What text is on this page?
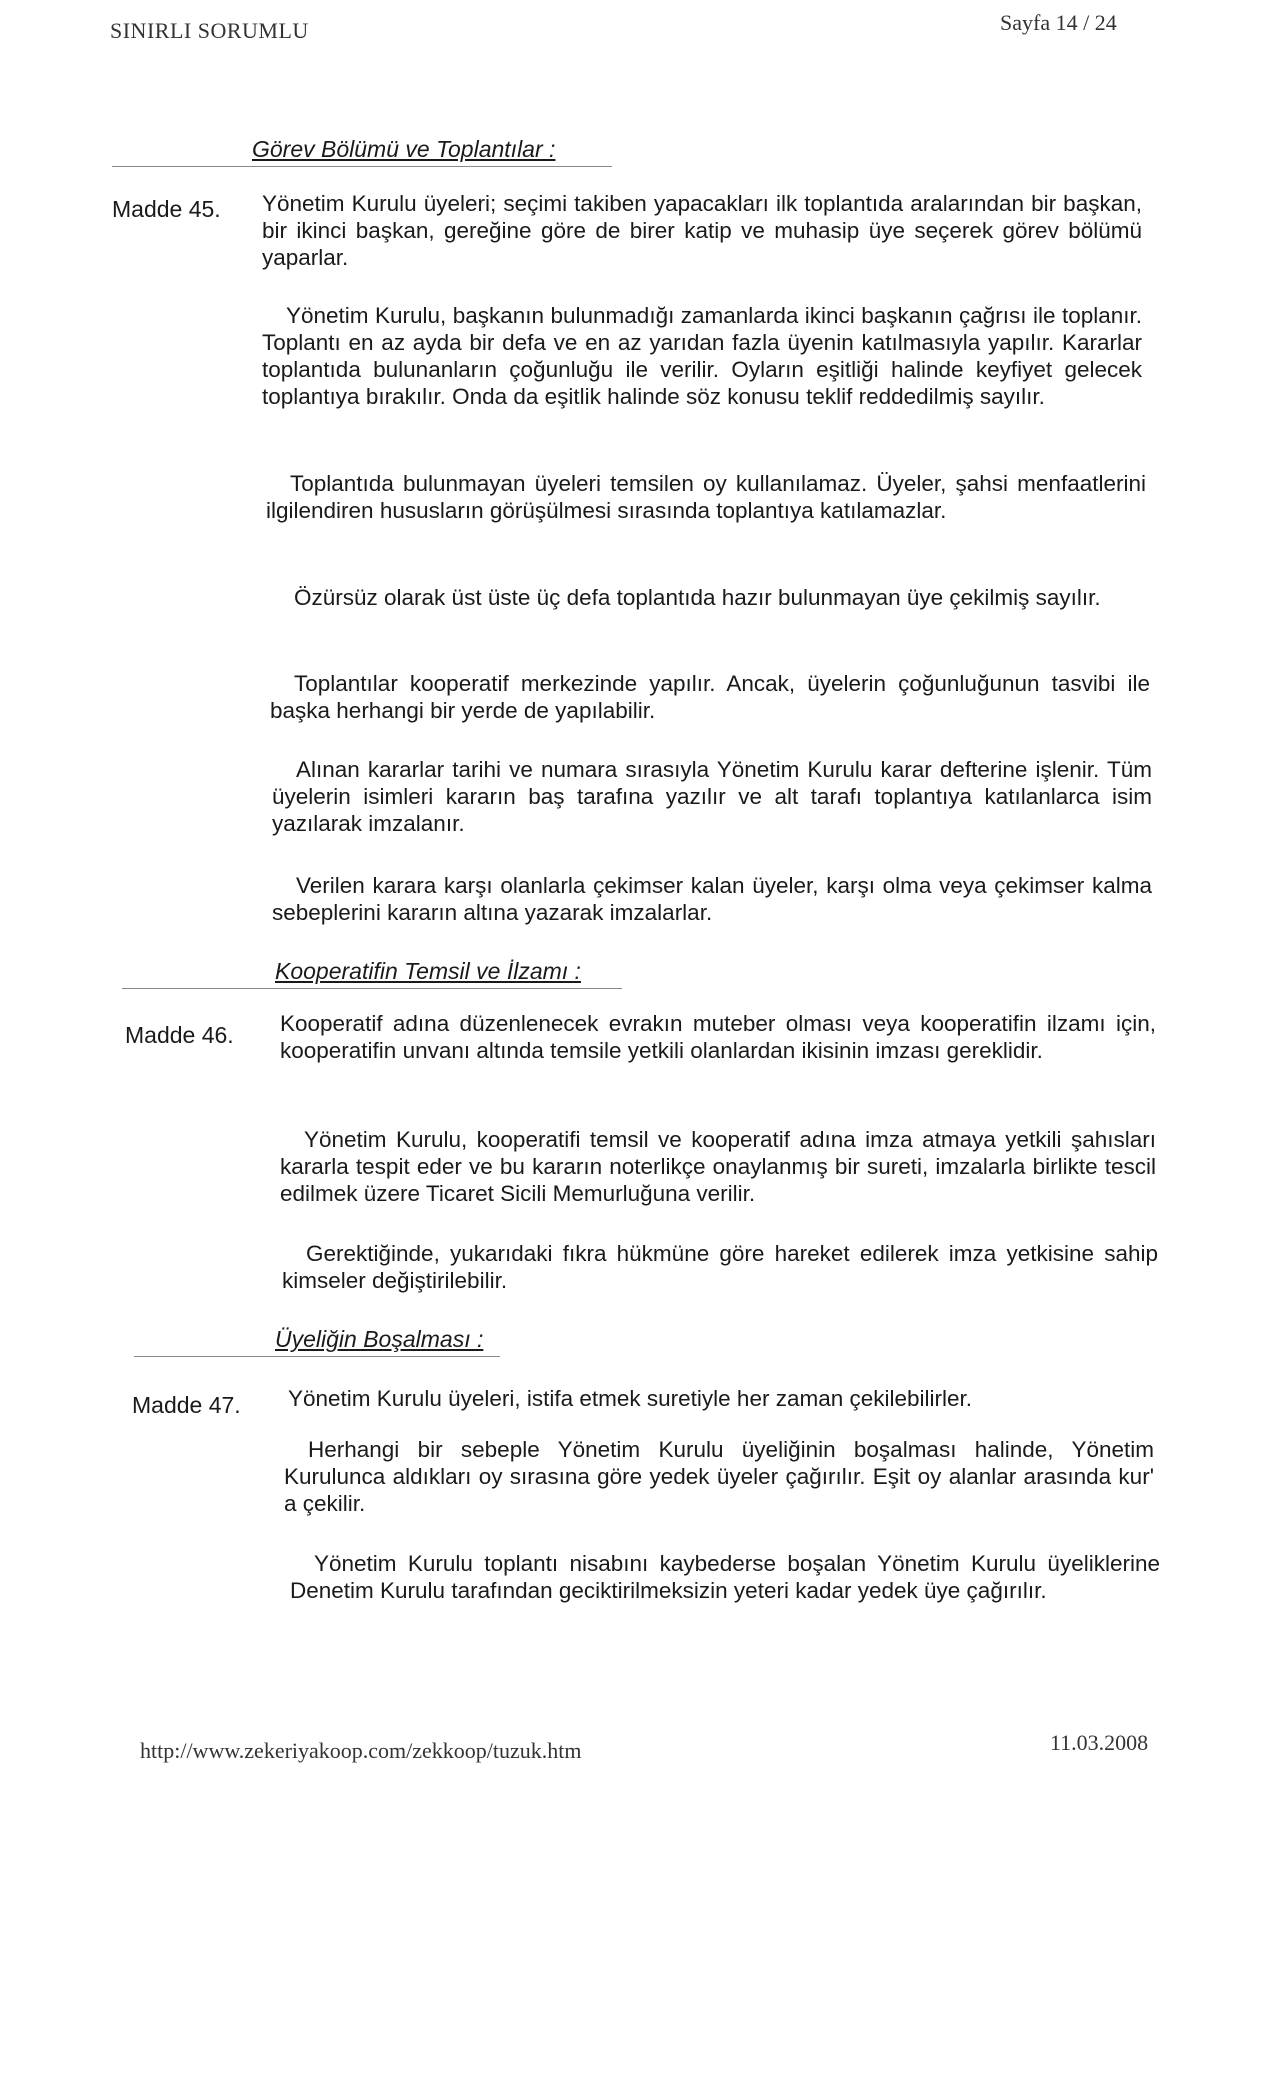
SINIRLI SORUMLU	Sayfa 14 / 24
Görev Bölümü ve Toplantılar :
Madde 45. Yönetim Kurulu üyeleri; seçimi takiben yapacakları ilk toplantıda aralarından bir başkan, bir ikinci başkan, gereğine göre de birer katip ve muhasip üye seçerek görev bölümü yaparlar.
Yönetim Kurulu, başkanın bulunmadığı zamanlarda ikinci başkanın çağrısı ile toplanır. Toplantı en az ayda bir defa ve en az yarıdan fazla üyenin katılmasıyla yapılır. Kararlar toplantıda bulunanların çoğunluğu ile verilir. Oyların eşitliği halinde keyfiyet gelecek toplantıya bırakılır. Onda da eşitlik halinde söz konusu teklif reddedilmiş sayılır.
Toplantıda bulunmayan üyeleri temsilen oy kullanılamaz. Üyeler, şahsi menfaatlerini ilgilendiren hususların görüşülmesi sırasında toplantıya katılamazlar.
Özürsüz olarak üst üste üç defa toplantıda hazır bulunmayan üye çekilmiş sayılır.
Toplantılar kooperatif merkezinde yapılır. Ancak, üyelerin çoğunluğunun tasvibi ile başka herhangi bir yerde de yapılabilir.
Alınan kararlar tarihi ve numara sırasıyla Yönetim Kurulu karar defterine işlenir. Tüm üyelerin isimleri kararın baş tarafına yazılır ve alt tarafı toplantıya katılanlarca isim yazılarak imzalanır.
Verilen karara karşı olanlarla çekimser kalan üyeler, karşı olma veya çekimser kalma sebeplerini kararın altına yazarak imzalarlar.
Kooperatifin Temsil ve İlzamı :
Madde 46. Kooperatif adına düzenlenecek evrakın muteber olması veya kooperatifin ilzamı için, kooperatifin unvanı altında temsile yetkili olanlardan ikisinin imzası gereklidir.
Yönetim Kurulu, kooperatifi temsil ve kooperatif adına imza atmaya yetkili şahısları kararla tespit eder ve bu kararın noterlikçe onaylanmış bir sureti, imzalarla birlikte tescil edilmek üzere Ticaret Sicili Memurluğuna verilir.
Gerektiğinde, yukarıdaki fıkra hükmüne göre hareket edilerek imza yetkisine sahip kimseler değiştirilebilir.
Üyeliğin Boşalması :
Madde 47. Yönetim Kurulu üyeleri, istifa etmek suretiyle her zaman çekilebilirler.
Herhangi bir sebeple Yönetim Kurulu üyeliğinin boşalması halinde, Yönetim Kurulunca aldıkları oy sırasına göre yedek üyeler çağırılır. Eşit oy alanlar arasında kur' a çekilir.
Yönetim Kurulu toplantı nisabını kaybederse boşalan Yönetim Kurulu üyeliklerine Denetim Kurulu tarafından geciktirilmeksizin yeteri kadar yedek üye çağırılır.
http://www.zekeriyakoop.com/zekkoop/tuzuk.htm	11.03.2008
